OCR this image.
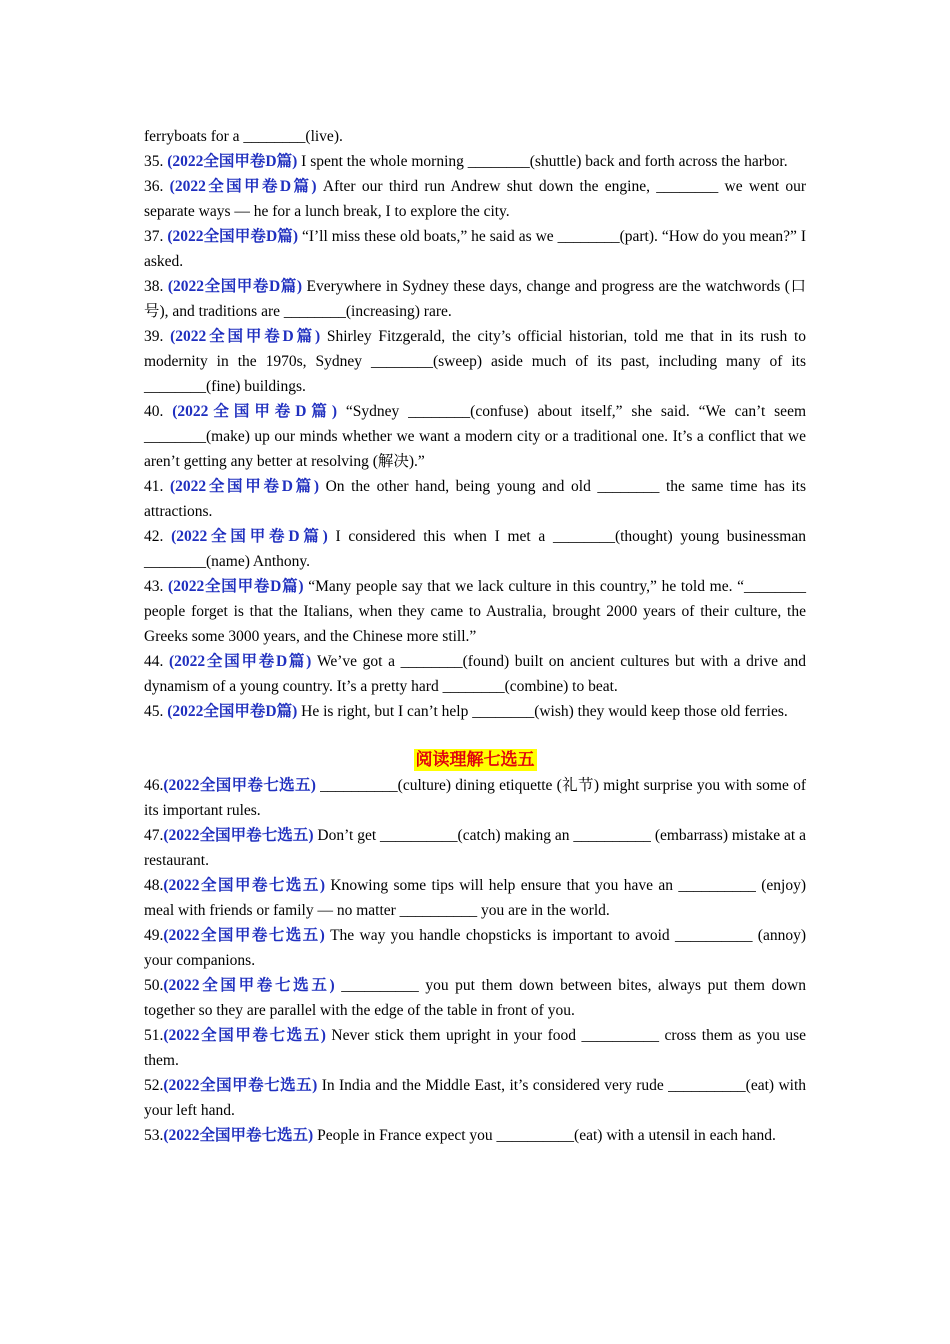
ferryboats for a ________(live).

35. (2022全国甲卷D篇) I spent the whole morning ________(shuttle) back and forth across the harbor.

36. (2022全国甲卷D篇) After our third run Andrew shut down the engine, ________ we went our separate ways — he for a lunch break, I to explore the city.

37. (2022全国甲卷D篇) “I’ll miss these old boats,” he said as we ________(part). “How do you mean?” I asked.

38. (2022全国甲卷D篇) Everywhere in Sydney these days, change and progress are the watchwords (口号), and traditions are ________(increasing) rare.

39. (2022全国甲卷D篇) Shirley Fitzgerald, the city’s official historian, told me that in its rush to modernity in the 1970s, Sydney ________(sweep) aside much of its past, including many of its ________(fine) buildings.

40. (2022全国甲卷D篇) “Sydney ________(confuse) about itself,” she said. “We can’t seem ________(make) up our minds whether we want a modern city or a traditional one. It’s a conflict that we aren’t getting any better at resolving (解决).”

41. (2022全国甲卷D篇) On the other hand, being young and old ________ the same time has its attractions.

42. (2022全国甲卷D篇) I considered this when I met a ________(thought) young businessman ________(name) Anthony.

43. (2022全国甲卷D篇) “Many people say that we lack culture in this country,” he told me. “________ people forget is that the Italians, when they came to Australia, brought 2000 years of their culture, the Greeks some 3000 years, and the Chinese more still.”

44. (2022全国甲卷D篇) We’ve got a ________(found) built on ancient cultures but with a drive and dynamism of a young country. It’s a pretty hard ________(combine) to beat.

45. (2022全国甲卷D篇) He is right, but I can’t help ________(wish) they would keep those old ferries.

阅读理解七选五

46.(2022全国甲卷七选五) __________(culture) dining etiquette (礼节) might surprise you with some of its important rules.

47.(2022全国甲卷七选五) Don’t get __________(catch) making an __________ (embarrass) mistake at a restaurant.

48.(2022全国甲卷七选五) Knowing some tips will help ensure that you have an __________ (enjoy) meal with friends or family — no matter __________ you are in the world.

49.(2022全国甲卷七选五) The way you handle chopsticks is important to avoid __________ (annoy) your companions.

50.(2022全国甲卷七选五) __________ you put them down between bites, always put them down together so they are parallel with the edge of the table in front of you.

51.(2022全国甲卷七选五) Never stick them upright in your food __________ cross them as you use them.

52.(2022全国甲卷七选五) In India and the Middle East, it’s considered very rude __________(eat) with your left hand.

53.(2022全国甲卷七选五) People in France expect you __________(eat) with a utensil in each hand.
